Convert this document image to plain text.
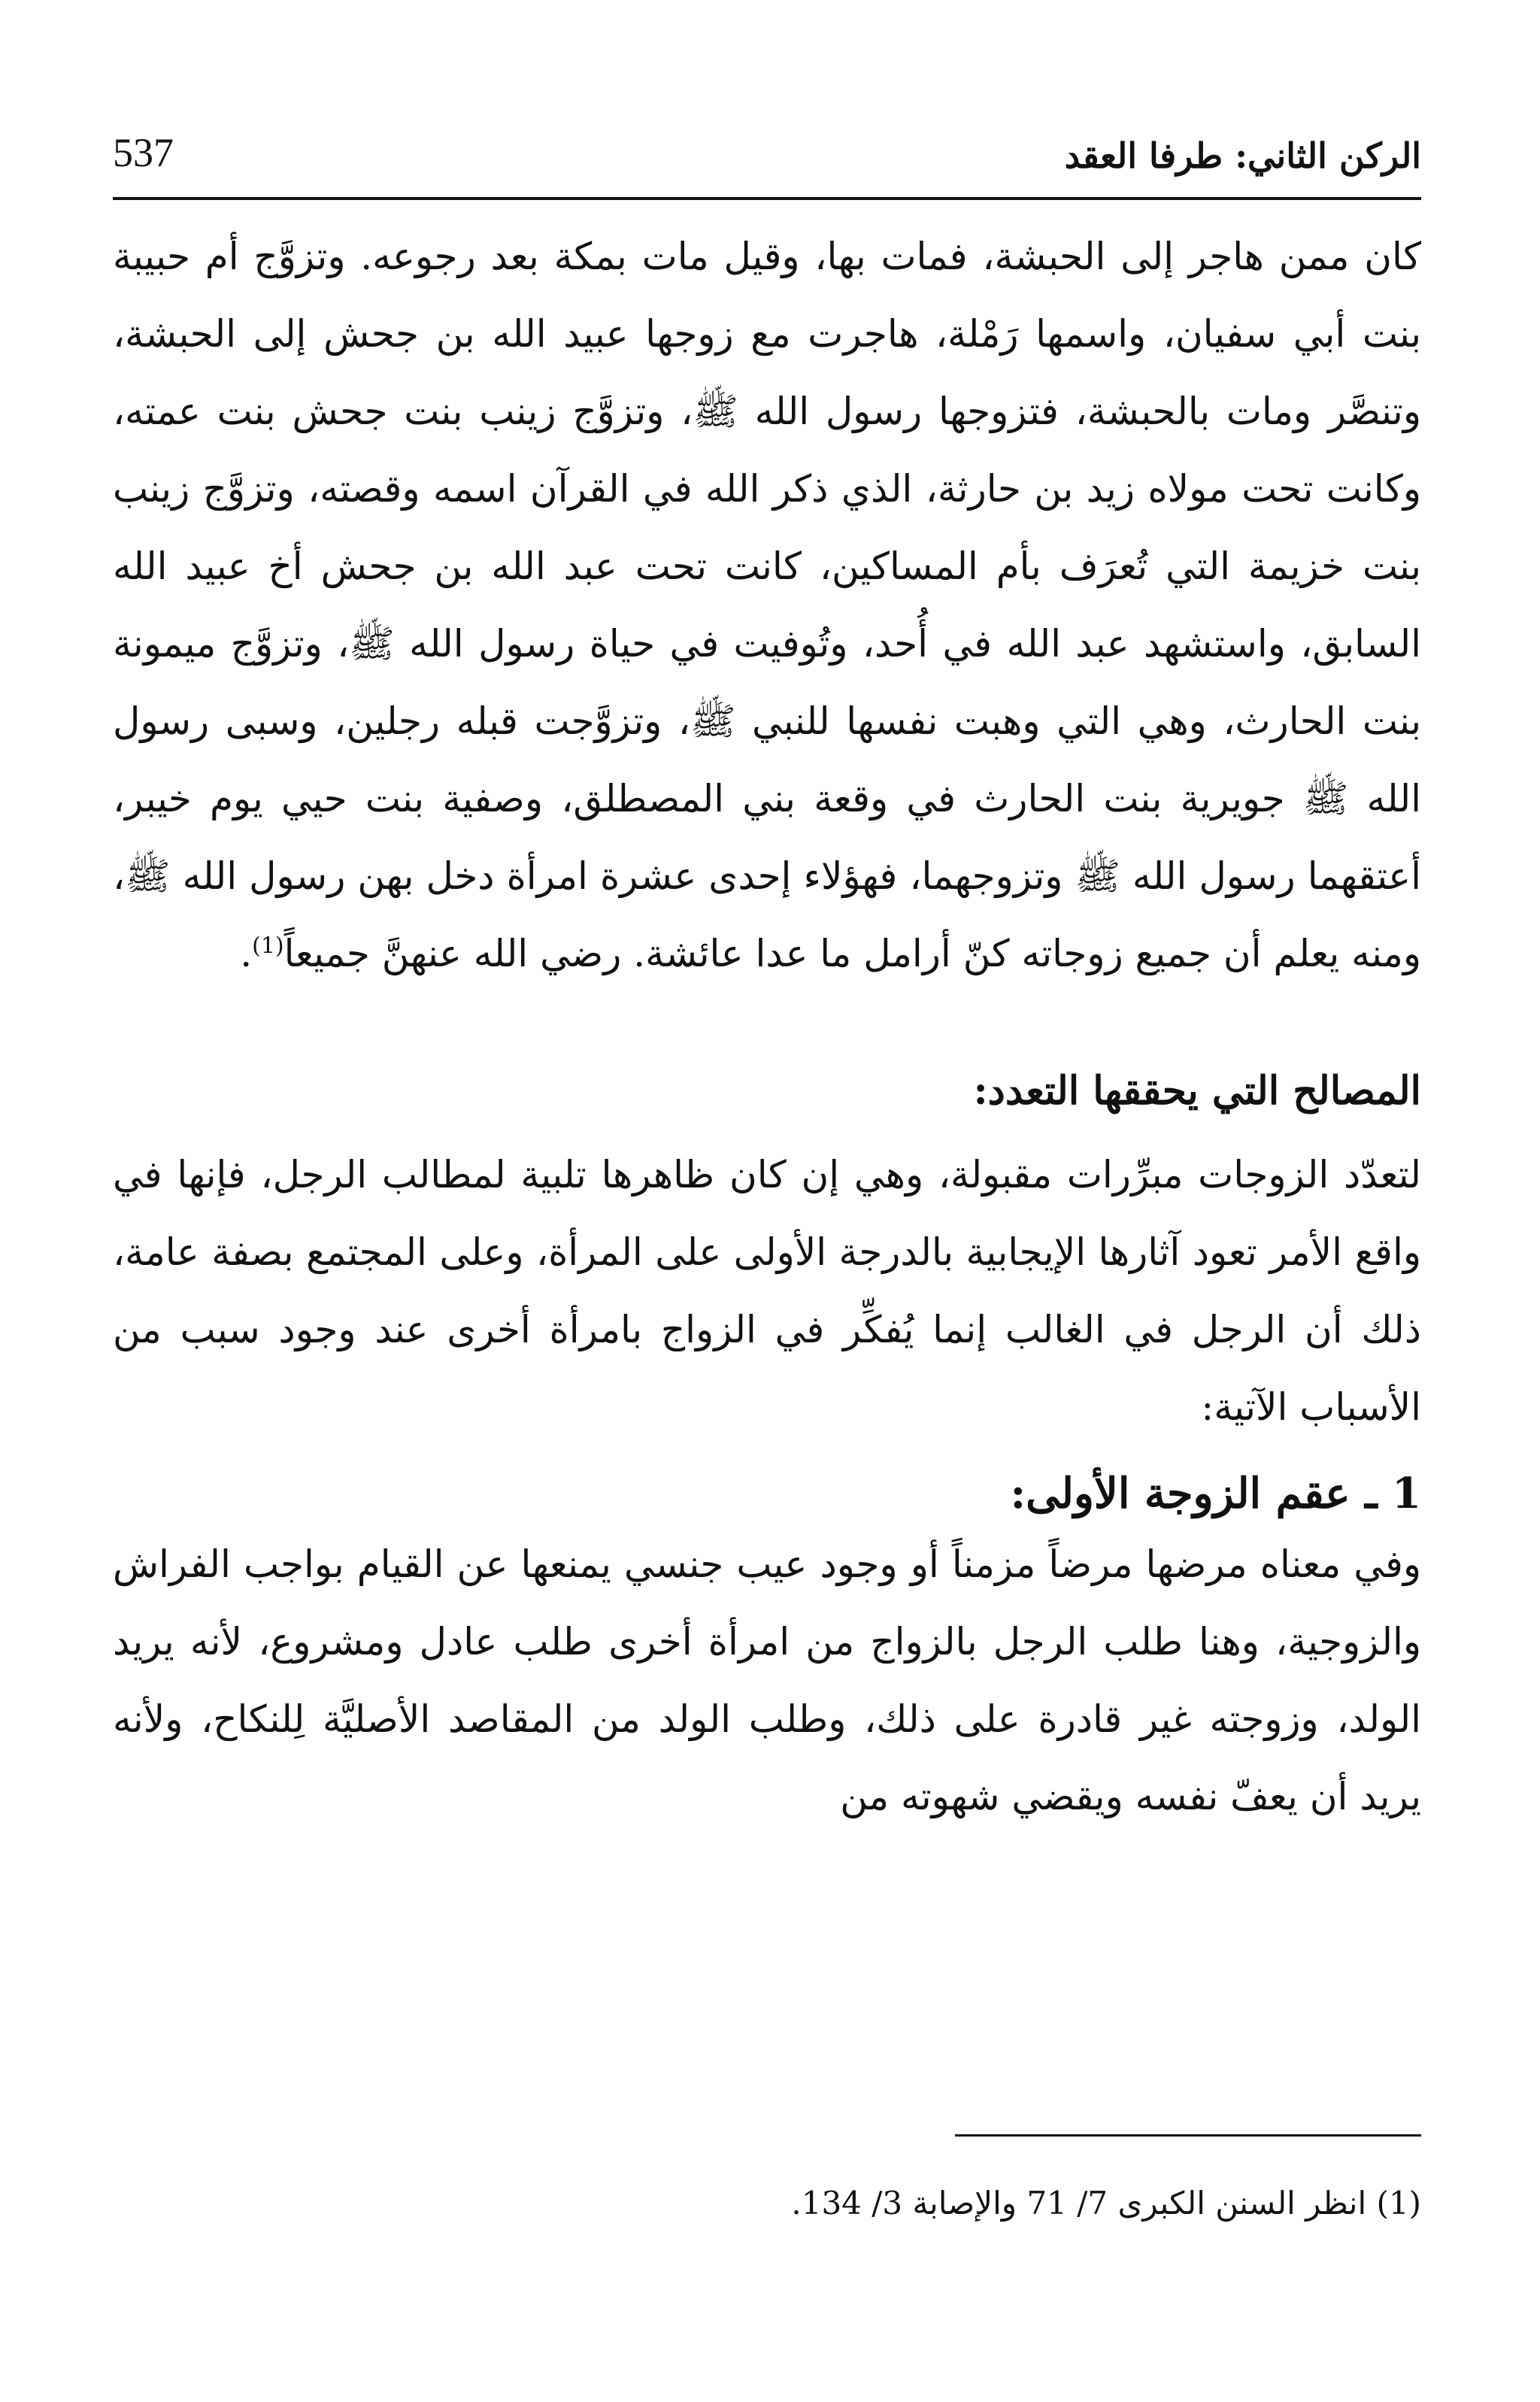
الركن الثاني: طرفا العقد
537

كان ممن هاجر إلى الحبشة، فمات بها، وقيل مات بمكة بعد رجوعه. وتزوَّج أم حبيبة بنت أبي سفيان، واسمها رَمْلة، هاجرت مع زوجها عبيد الله بن جحش إلى الحبشة، وتنصَّر ومات بالحبشة، فتزوجها رسول الله ﷺ، وتزوَّج زينب بنت جحش بنت عمته، وكانت تحت مولاه زيد بن حارثة، الذي ذكر الله في القرآن اسمه وقصته، وتزوَّج زينب بنت خزيمة التي تُعرَف بأم المساكين، كانت تحت عبد الله بن جحش أخ عبيد الله السابق، واستشهد عبد الله في أُحد، وتُوفيت في حياة رسول الله ﷺ، وتزوَّج ميمونة بنت الحارث، وهي التي وهبت نفسها للنبي ﷺ، وتزوَّجت قبله رجلين، وسبى رسول الله ﷺ جويرية بنت الحارث في وقعة بني المصطلق، وصفية بنت حيي يوم خيبر، أعتقهما رسول الله ﷺ وتزوجهما، فهؤلاء إحدى عشرة امرأة دخل بهن رسول الله ﷺ، ومنه يعلم أن جميع زوجاته كنّ أرامل ما عدا عائشة. رضي الله عنهنَّ جميعاً$^{(1)}$.

المصالح التي يحققها التعدد:

لتعدّد الزوجات مبرِّرات مقبولة، وهي إن كان ظاهرها تلبية لمطالب الرجل، فإنها في واقع الأمر تعود آثارها الإيجابية بالدرجة الأولى على المرأة، وعلى المجتمع بصفة عامة، ذلك أن الرجل في الغالب إنما يُفكِّر في الزواج بامرأة أخرى عند وجود سبب من الأسباب الآتية:

1 ـ عقم الزوجة الأولى:

وفي معناه مرضها مرضاً مزمناً أو وجود عيب جنسي يمنعها عن القيام بواجب الفراش والزوجية، وهنا طلب الرجل بالزواج من امرأة أخرى طلب عادل ومشروع، لأنه يريد الولد، وزوجته غير قادرة على ذلك، وطلب الولد من المقاصد الأصليَّة لِلنكاح، ولأنه يريد أن يعفّ نفسه ويقضي شهوته من

(1) انظر السنن الكبرى 7/ 71 والإصابة 3/ 134.
